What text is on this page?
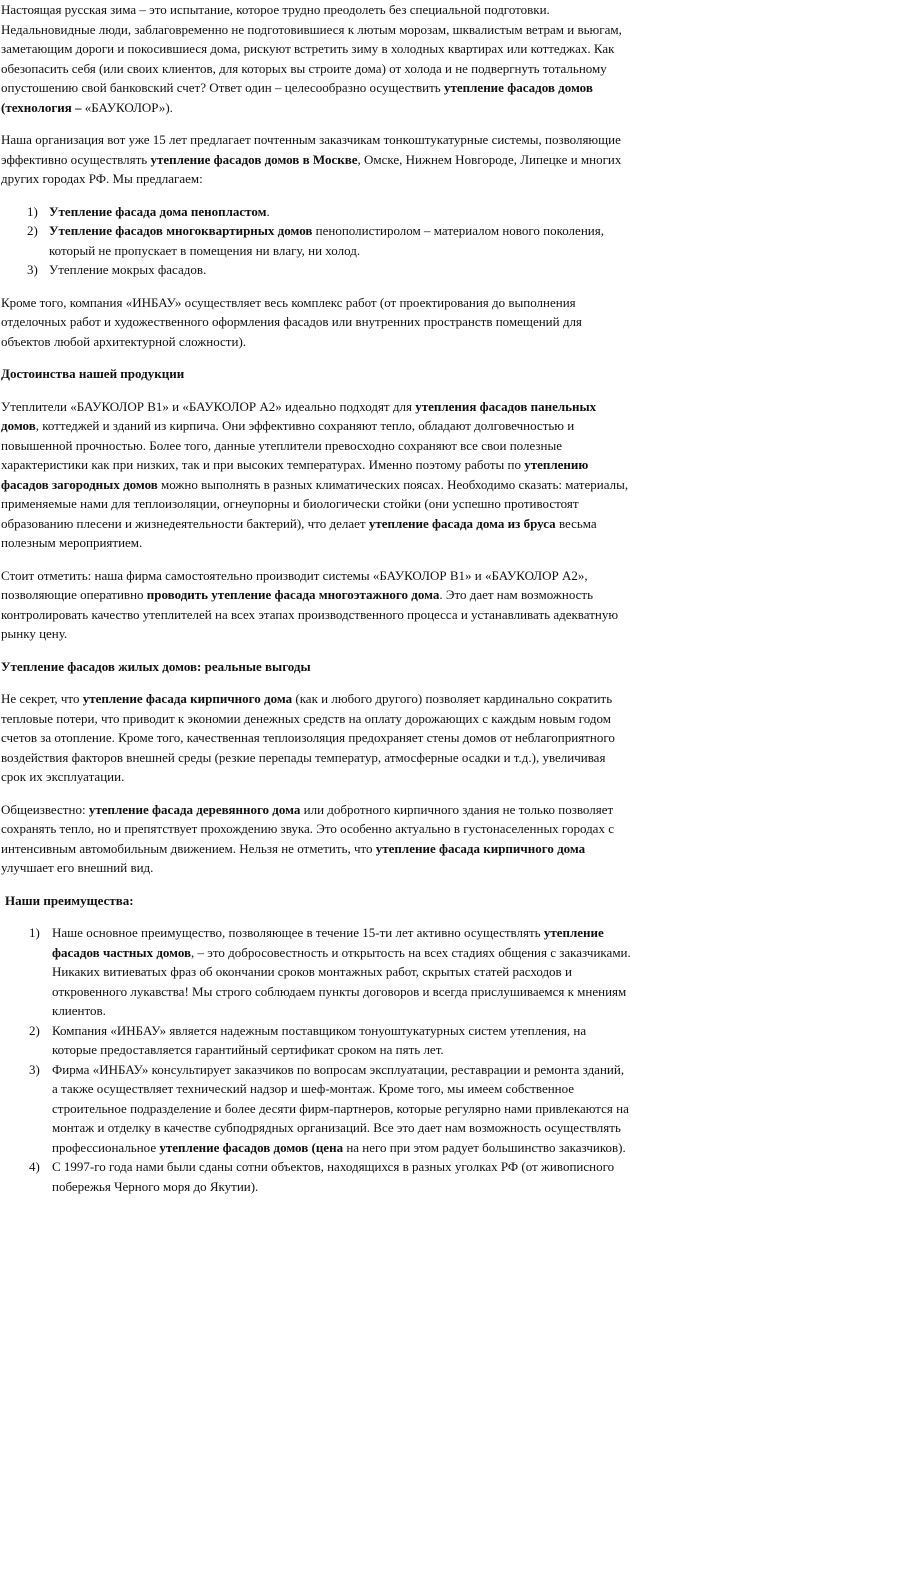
Настоящая русская зима – это испытание, которое трудно преодолеть без специальной подготовки. Недальновидные люди, заблаговременно не подготовившиеся к лютым морозам, шквалистым ветрам и вьюгам, заметающим дороги и покосившиеся дома, рискуют встретить зиму в холодных квартирах или коттеджах. Как обезопасить себя (или своих клиентов, для которых вы строите дома) от холода и не подвергнуть тотальному опустошению свой банковский счет? Ответ один – целесообразно осуществить утепление фасадов домов (технология – «БАУКОЛОР»).

Наша организация вот уже 15 лет предлагает почтенным заказчикам тонкоштукатурные системы, позволяющие эффективно осуществлять утепление фасадов домов в Москве, Омске, Нижнем Новгороде, Липецке и многих других городах РФ. Мы предлагаем:

1) Утепление фасада дома пенопластом.
2) Утепление фасадов многоквартирных домов пенополистиролом – материалом нового поколения, который не пропускает в помещения ни влагу, ни холод.
3) Утепление мокрых фасадов.

Кроме того, компания «ИНБАУ» осуществляет весь комплекс работ (от проектирования до выполнения отделочных работ и художественного оформления фасадов или внутренних пространств помещений для объектов любой архитектурной сложности).

Достоинства нашей продукции

Утеплители «БАУКОЛОР В1» и «БАУКОЛОР А2» идеально подходят для утепления фасадов панельных домов, коттеджей и зданий из кирпича. Они эффективно сохраняют тепло, обладают долговечностью и повышенной прочностью. Более того, данные утеплители превосходно сохраняют все свои полезные характеристики как при низких, так и при высоких температурах. Именно поэтому работы по утеплению фасадов загородных домов можно выполнять в разных климатических поясах. Необходимо сказать: материалы, применяемые нами для теплоизоляции, огнеупорны и биологически стойки (они успешно противостоят образованию плесени и жизнедеятельности бактерий), что делает утепление фасада дома из бруса весьма полезным мероприятием.

Стоит отметить: наша фирма самостоятельно производит системы «БАУКОЛОР В1» и «БАУКОЛОР А2», позволяющие оперативно проводить утепление фасада многоэтажного дома. Это дает нам возможность контролировать качество утеплителей на всех этапах производственного процесса и устанавливать адекватную рынку цену.

Утепление фасадов жилых домов: реальные выгоды

Не секрет, что утепление фасада кирпичного дома (как и любого другого) позволяет кардинально сократить тепловые потери, что приводит к экономии денежных средств на оплату дорожающих с каждым новым годом счетов за отопление. Кроме того, качественная теплоизоляция предохраняет стены домов от неблагоприятного воздействия факторов внешней среды (резкие перепады температур, атмосферные осадки и т.д.), увеличивая срок их эксплуатации.

Общеизвестно: утепление фасада деревянного дома или добротного кирпичного здания не только позволяет сохранять тепло, но и препятствует прохождению звука. Это особенно актуально в густонаселенных городах с интенсивным автомобильным движением. Нельзя не отметить, что утепление фасада кирпичного дома улучшает его внешний вид.

Наши преимущества:

1) Наше основное преимущество, позволяющее в течение 15-ти лет активно осуществлять утепление фасадов частных домов, – это добросовестность и открытость на всех стадиях общения с заказчиками. Никаких витиеватых фраз об окончании сроков монтажных работ, скрытых статей расходов и откровенного лукавства! Мы строго соблюдаем пункты договоров и всегда прислушиваемся к мнениям клиентов.
2) Компания «ИНБАУ» является надежным поставщиком тонуоштукатурных систем утепления, на которые предоставляется гарантийный сертификат сроком на пять лет.
3) Фирма «ИНБАУ» консультирует заказчиков по вопросам эксплуатации, реставрации и ремонта зданий, а также осуществляет технический надзор и шеф-монтаж. Кроме того, мы имеем собственное строительное подразделение и более десяти фирм-партнеров, которые регулярно нами привлекаются на монтаж и отделку в качестве субподрядных организаций. Все это дает нам возможность осуществлять профессиональное утепление фасадов домов (цена на него при этом радует большинство заказчиков).
4) С 1997-го года нами были сданы сотни объектов, находящихся в разных уголках РФ (от живописного побережья Черного моря до Якутии).
